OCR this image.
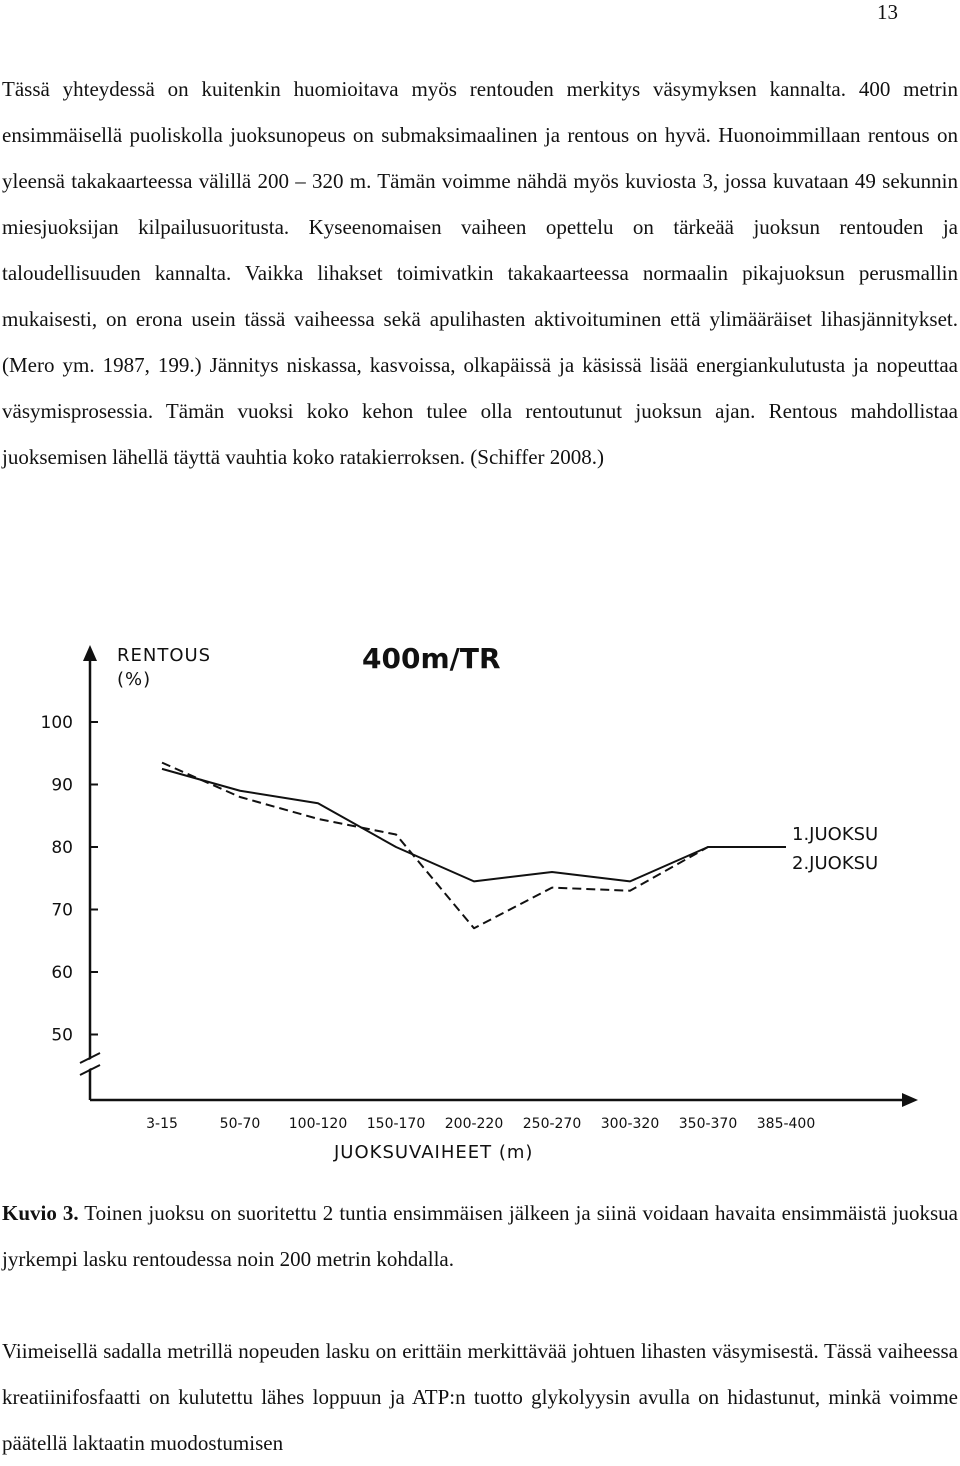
13

Tässä yhteydessä on kuitenkin huomioitava myös rentouden merkitys väsymyksen kannalta. 400 metrin ensimmäisellä puoliskolla juoksunopeus on submaksimaalinen ja rentous on hyvä. Huonoimmillaan rentous on yleensä takakaarteessa välillä 200 – 320 m. Tämän voimme nähdä myös kuviosta 3, jossa kuvataan 49 sekunnin miesjuoksijan kilpailusuoritusta. Kyseenomaisen vaiheen opettelu on tärkeää juoksun rentouden ja taloudellisuuden kannalta. Vaikka lihakset toimivatkin takakaarteessa normaalin pikajuoksun perusmallin mukaisesti, on erona usein tässä vaiheessa sekä apulihasten aktivoituminen että ylimääräiset lihasjännitykset. (Mero ym. 1987, 199.) Jännitys niskassa, kasvoissa, olkapäissä ja käsissä lisää energiankulutusta ja nopeuttaa väsymisprosessia. Tämän vuoksi koko kehon tulee olla rentoutunut juoksun ajan. Rentous mahdollistaa juoksemisen lähellä täyttä vauhtia koko ratakierroksen. (Schiffer 2008.)

100
90
80
70
60
50
3-15	50-70 100-120 150-170 200-220 250-270 300-320 350-370 385-400
400m/TR
RENTOUS
(%)
JUOKSUVAIHEET (m)
1.JUOKSU
2.JUOKSU

Kuvio 3. Toinen juoksu on suoritettu 2 tuntia ensimmäisen jälkeen ja siinä voidaan havaita ensimmäistä juoksua jyrkempi lasku rentoudessa noin 200 metrin kohdalla.

Viimeisellä sadalla metrillä nopeuden lasku on erittäin merkittävää johtuen lihasten väsymisestä. Tässä vaiheessa kreatiinifosfaatti on kulutettu lähes loppuun ja ATP:n tuotto glykolyysin avulla on hidastunut, minkä voimme päätellä laktaatin muodostumisen
